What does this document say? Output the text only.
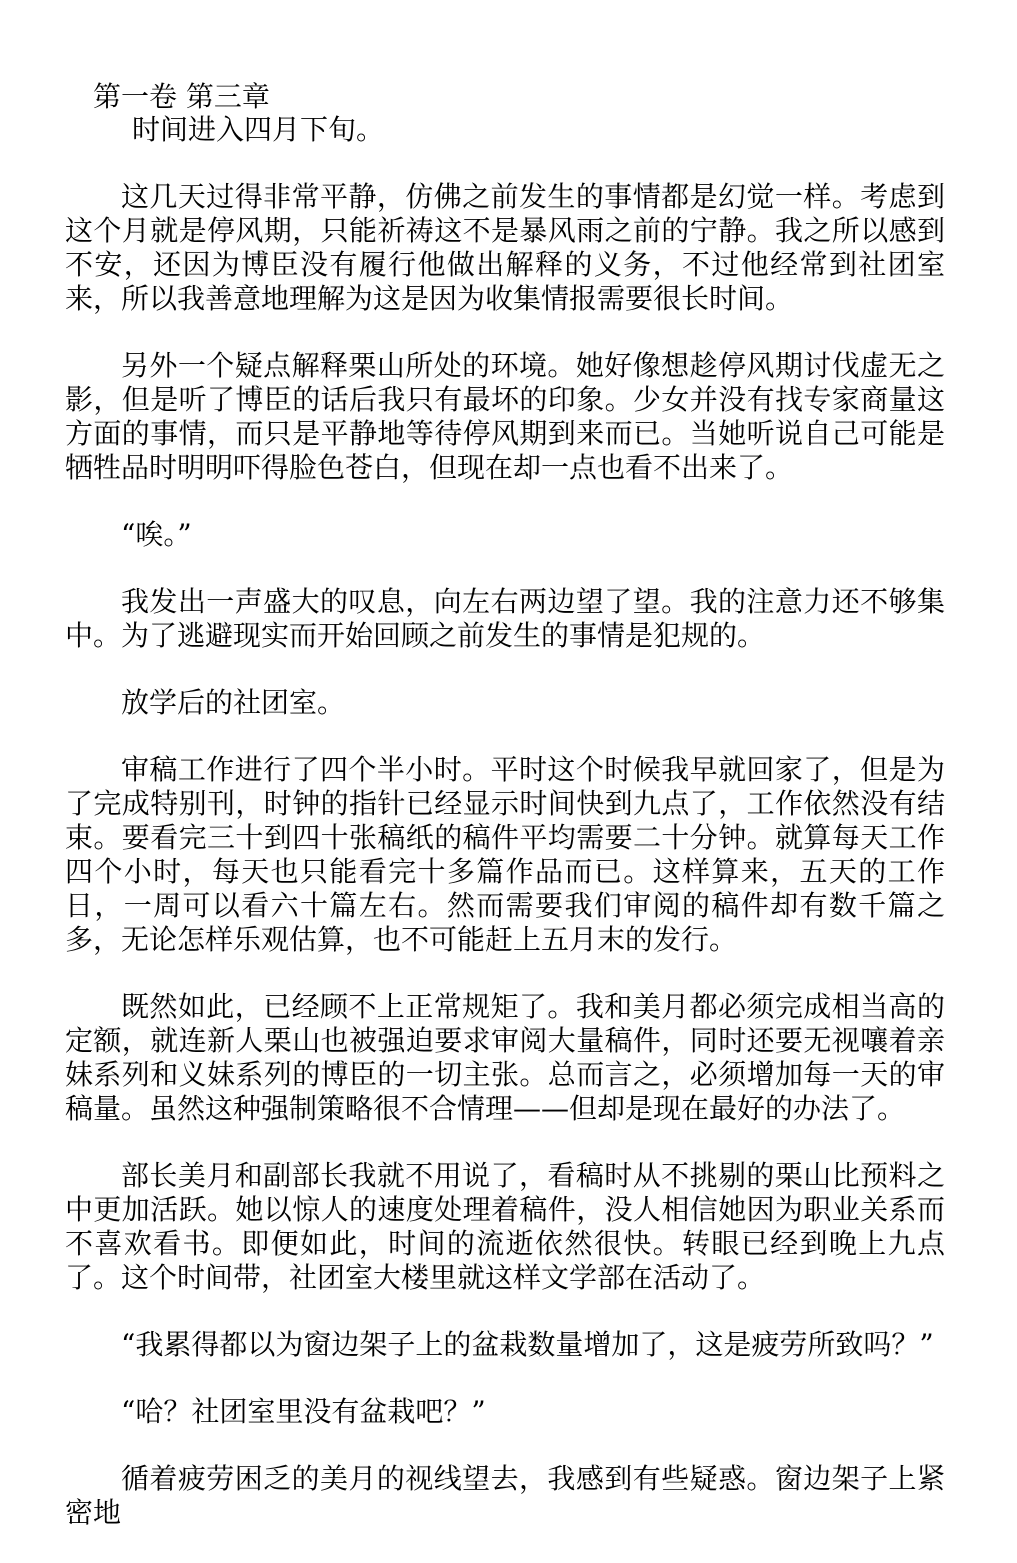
第一卷 第三章

时间进入四月下旬。

这几天过得非常平静，仿佛之前发生的事情都是幻觉一样。考虑到这个月就是停风期，只能祈祷这不是暴风雨之前的宁静。我之所以感到不安，还因为博臣没有履行他做出解释的义务，不过他经常到社团室来，所以我善意地理解为这是因为收集情报需要很长时间。

另外一个疑点解释栗山所处的环境。她好像想趁停风期讨伐虚无之影，但是听了博臣的话后我只有最坏的印象。少女并没有找专家商量这方面的事情，而只是平静地等待停风期到来而已。当她听说自己可能是牺牲品时明明吓得脸色苍白，但现在却一点也看不出来了。

“唉。”

我发出一声盛大的叹息，向左右两边望了望。我的注意力还不够集中。为了逃避现实而开始回顾之前发生的事情是犯规的。

放学后的社团室。

审稿工作进行了四个半小时。平时这个时候我早就回家了，但是为了完成特别刊，时钟的指针已经显示时间快到九点了，工作依然没有结束。要看完三十到四十张稿纸的稿件平均需要二十分钟。就算每天工作四个小时，每天也只能看完十多篇作品而已。这样算来，五天的工作日，一周可以看六十篇左右。然而需要我们审阅的稿件却有数千篇之多，无论怎样乐观估算，也不可能赶上五月末的发行。

既然如此，已经顾不上正常规矩了。我和美月都必须完成相当高的定额，就连新人栗山也被强迫要求审阅大量稿件，同时还要无视嚷着亲妹系列和义妹系列的博臣的一切主张。总而言之，必须增加每一天的审稿量。虽然这种强制策略很不合情理——但却是现在最好的办法了。

部长美月和副部长我就不用说了，看稿时从不挑剔的栗山比预料之中更加活跃。她以惊人的速度处理着稿件，没人相信她因为职业关系而不喜欢看书。即便如此，时间的流逝依然很快。转眼已经到晚上九点了。这个时间带，社团室大楼里就这样文学部在活动了。

“我累得都以为窗边架子上的盆栽数量增加了，这是疲劳所致吗？”

“哈？社团室里没有盆栽吧？”

循着疲劳困乏的美月的视线望去，我感到有些疑惑。窗边架子上紧密地
